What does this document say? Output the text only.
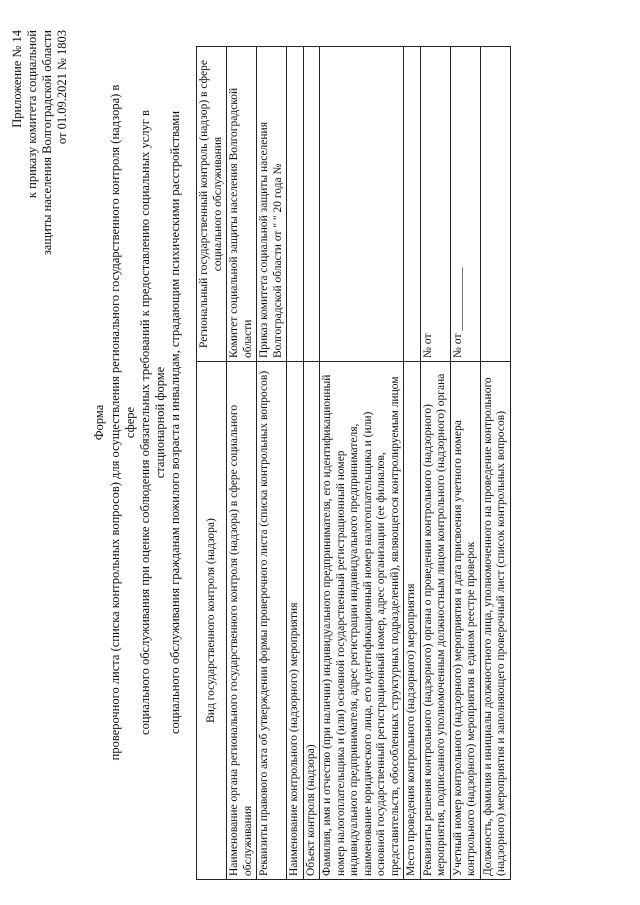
Приложение № 14 к приказу комитета социальной защиты населения Волгоградской области от 01.09.2021 № 1803
Форма проверочного листа (списка контрольных вопросов) для осуществления регионального государственного контроля (надзора) в сфере социального обслуживания при оценке соблюдения обязательных требований к предоставлению социальных услуг в стационарной форме социального обслуживания гражданам пожилого возраста и инвалидам, страдающим психическими расстройствами Вид государственного контроля (надзора)	Региональный государственный контроль (надзор) в сфере социального обслуживания
Наименование органа регионального государственного контроля (надзора) в сфере социального обслуживания	Комитет социальной защиты населения Волгоградской области
Реквизиты правового акта об утверждении формы проверочного листа (списка контрольных вопросов)	Приказ комитета социальной защиты населения Волгоградской области от " " 20 года №
Наименование контрольного (надзорного) мероприятия	
Объект контроля (надзора)	
Фамилия, имя и отчество (при наличии) индивидуального предпринимателя, его идентификационный номер налогоплательщика и (или) основной государственный регистрационный номер индивидуального предпринимателя, адрес регистрации индивидуального предпринимателя, наименование юридического лица, его идентификационный номер налогоплательщика и (или) основной государственный регистрационный номер, адрес организации (ее филиалов, представительств, обособленных структурных подразделений), являющегося контролируемым лицом	
Место проведения контрольного (надзорного) мероприятия	
Реквизиты решения контрольного (надзорного) органа о проведении контрольного (надзорного) мероприятия, подписанного уполномоченным должностным лицом контрольного (надзорного) органа	№ от
Учетный номер контрольного (надзорного) мероприятия и дата присвоения учетного номера контрольного (надзорного) мероприятия в едином реестре проверок	№ от ___________
Должность, фамилия и инициалы должностного лица, уполномоченного на проведение контрольного (надзорного) мероприятия и заполняющего проверочный лист (список контрольных вопросов)	
